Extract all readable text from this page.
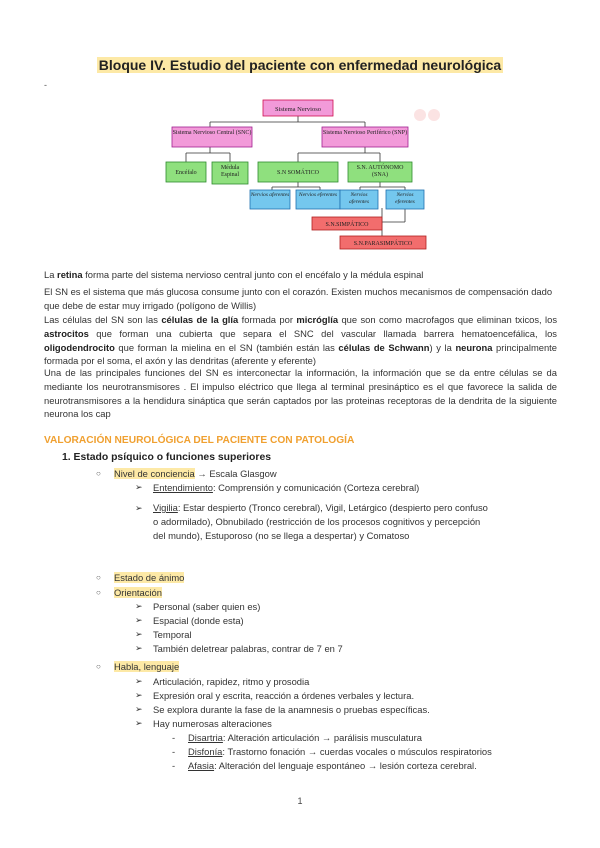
Bloque IV. Estudio del paciente con enfermedad neurológica
-
Sistema Nervioso
Sistema Nervioso Central (SNC)	Sistema Nervioso Periférico (SNP)
Encéfalo
Médula Espinal	S.N SOMÁTICO
S.N. AUTÓNOMO (SNA)
Nervios aferentes	Nervios eferentes	Nervios aferentes
Nervios eferentes
S.N.SIMPÁTICO
S.N.PARASIMPÁTICO
La retina forma parte del sistema nervioso central junto con el encéfalo y la médula espinal
El SN es el sistema que más glucosa consume junto con el corazón. Existen muchos mecanismos de compensación dado que debe de estar muy irrigado (polígono de Willis)
Las células del SN son las células de la glía formada por micróglía que son como macrofagos que eliminan txicos, los astrocitos que forman una cubierta que separa el SNC del vascular llamada barrera hematoencefálica, los oligodendrocito que forman la mielina en el SN (también están las células de Schwann) y la neurona principalmente formada por el soma, el axón y las dendritas (aferente y eferente)
Una de las principales funciones del SN es interconectar la información, la información que se da entre células se da mediante los neurotransmisores . El impulso eléctrico que llega al terminal presináptico es el que favorece la salida de neurotransmisores a la hendidura sináptica que serán captados por las proteinas receptoras de la dendrita de la siguiente neurona los cap
VALORACIÓN NEUROLÓGICA DEL PACIENTE CON PATOLOGÍA
1. Estado psíquico o funciones superiores
○ Nivel de conciencia → Escala Glasgow
➢ Entendimiento: Comprensión y comunicación (Corteza cerebral)
➢ Vigilia: Estar despierto (Tronco cerebral), Vigil, Letárgico (despierto pero confuso
o adormilado), Obnubilado (restricción de los procesos cognitivos y percepción
del mundo), Estuporoso (no se llega a despertar) y Comatoso
○ Estado de ánimo
○ Orientación
➢ Personal (saber quien es)
➢ Espacial (donde esta)
➢ Temporal
➢ También deletrear palabras, contrar de 7 en 7
○ Habla, lenguaje
➢ Articulación, rapidez, ritmo y prosodia
➢ Expresión oral y escrita, reacción a órdenes verbales y lectura.
➢ Se explora durante la fase de la anamnesis o pruebas específicas.
➢ Hay numerosas alteraciones
- Disartria: Alteración articulación → parálisis musculatura
- Disfonía: Trastorno fonación → cuerdas vocales o músculos respiratorios
- Afasia: Alteración del lenguaje espontáneo → lesión corteza cerebral.
1
